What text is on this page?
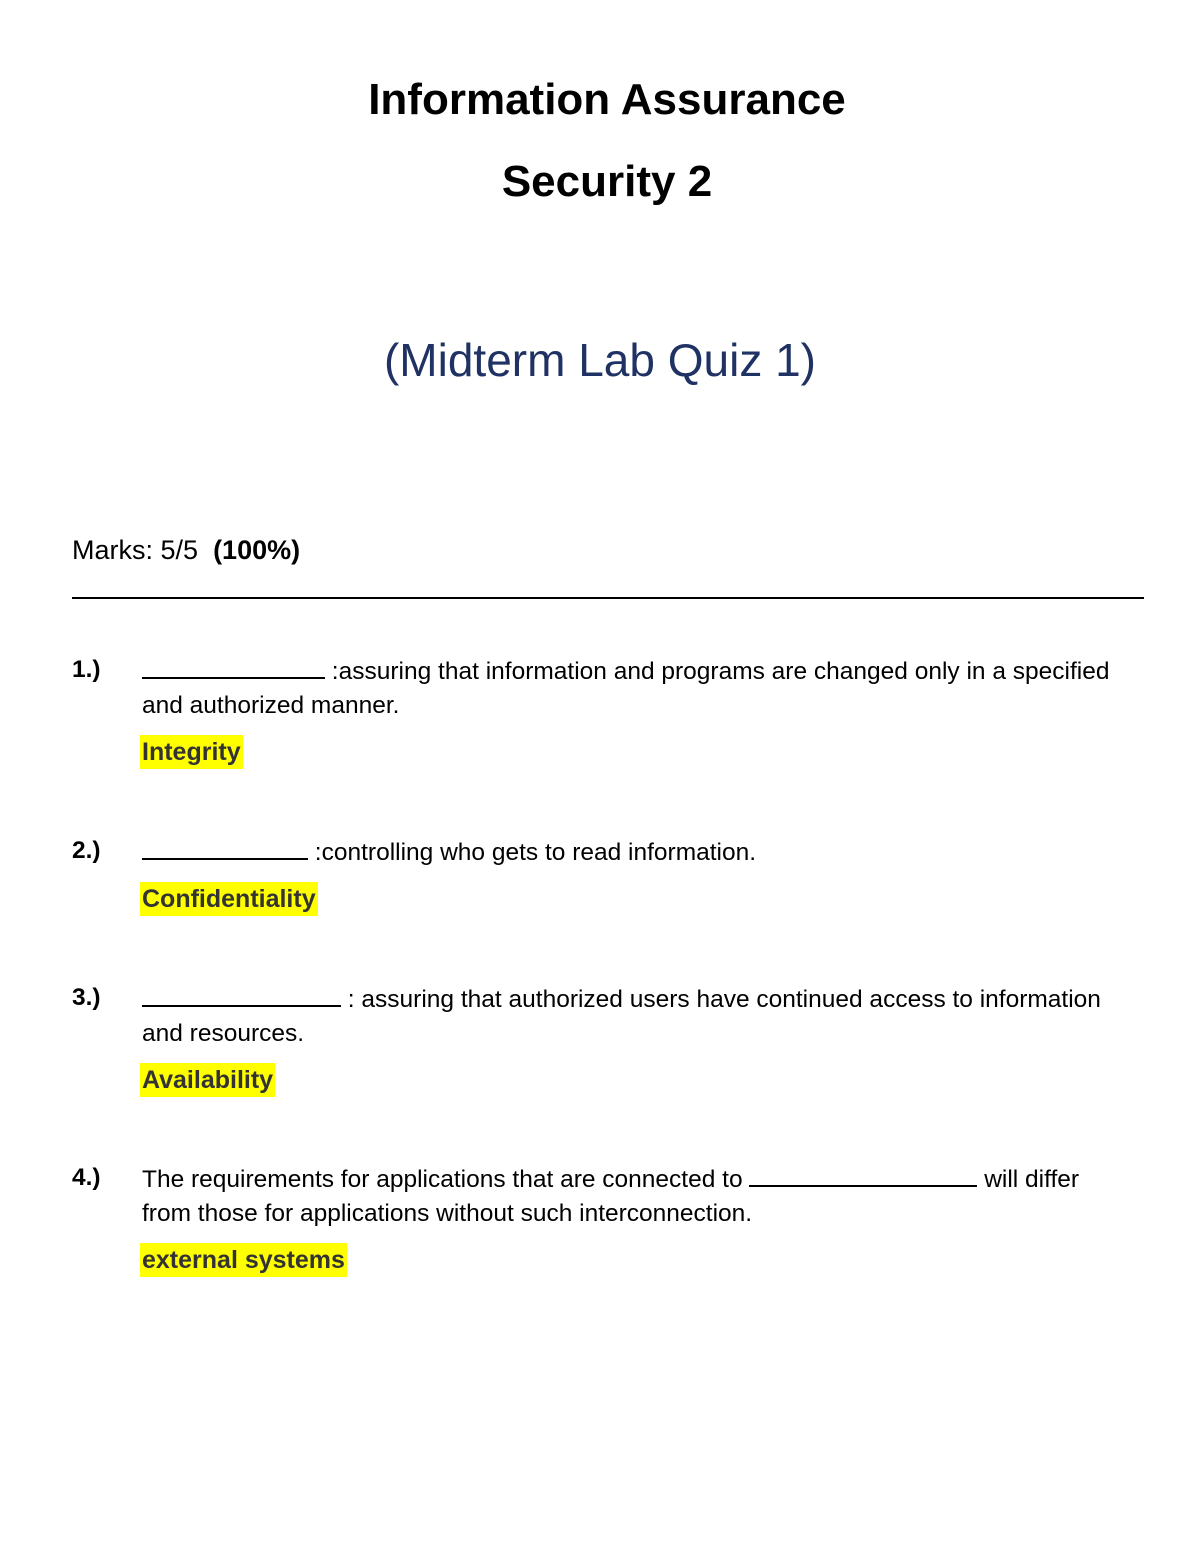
Information Assurance
Security 2
(Midterm Lab Quiz 1)
Marks: 5/5 (100%)
1.)	:assuring that information and programs are changed only in a specified and authorized manner.
Integrity
2.)	:controlling who gets to read information.
Confidentiality
3.)	: assuring that authorized users have continued access to information and resources.
Availability
4.) The requirements for applications that are connected to	will differ from those for applications without such interconnection.
external systems
